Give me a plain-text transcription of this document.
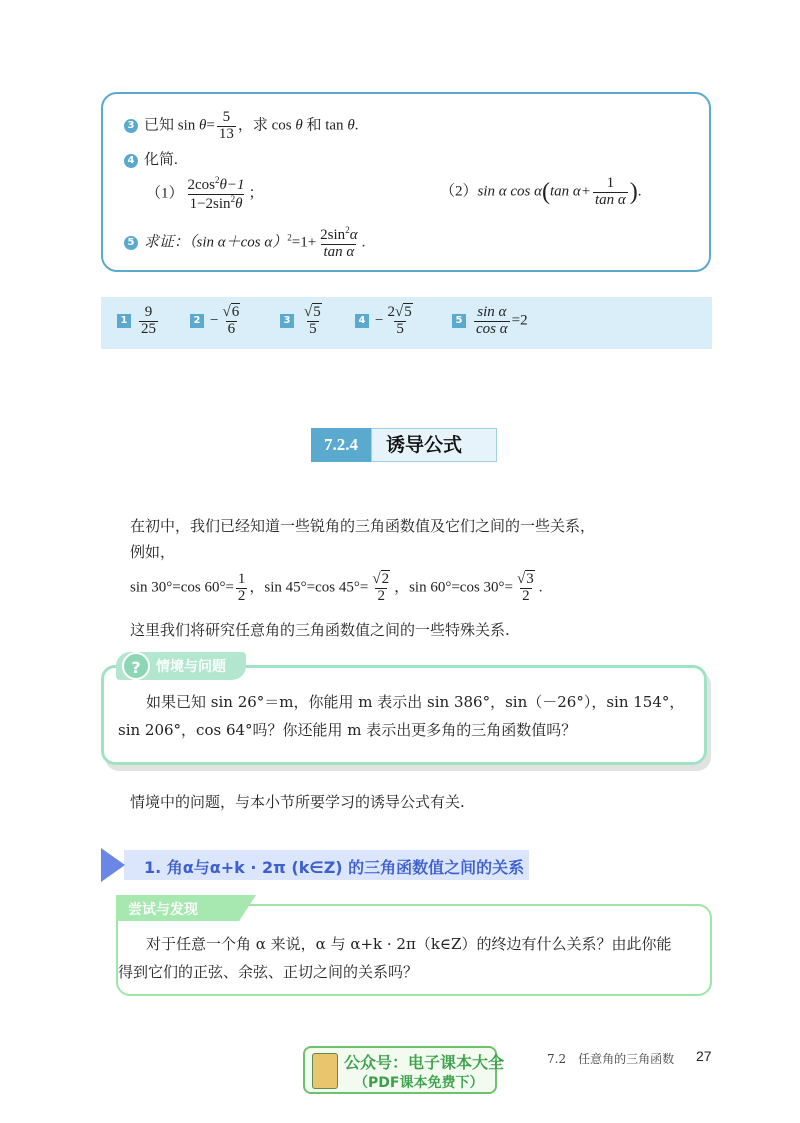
3 已知 $\sin \theta= \frac{5}{13}$ ，求 cos θ 和 tan θ.
4 化简.
$(1) \frac{2\cos^2\theta-1}{1-2\sin^2\theta}$ ；	（2）sin α cos α(tan $\alpha+ \frac{1}{\text{tan α}}$ ).
5 求证：（sin α＋cos $\alpha)^2=1+ \frac{2\sin^2\alpha}{\text{tan α}}$ .
$1 \frac{9}{25}$	$2 - \frac{√6}{6}$	$3 \frac{√5}{5}$	$4 - \frac{2√5}{5}$	$5 \frac{\text{sin α}}{\text{cos α}} =2$
7.2.4	诱导公式
在初中，我们已经知道一些锐角的三角函数值及它们之间的一些关系，
例如，
sin 30°=cos $60^\circ= \frac{1}{2}$ ，sin 45°=cos $45^\circ= \frac{√2}{2}$ ，sin 60°=cos $30^\circ= \frac{√3}{2}$ .
这里我们将研究任意角的三角函数值之间的一些特殊关系.
?	情境与问题
如果已知 sin 26°＝m，你能用 m 表示出 sin 386°，sin（－26°），sin 154°，
sin 206°，cos 64°吗？你还能用 m 表示出更多角的三角函数值吗？
情境中的问题，与本小节所要学习的诱导公式有关.
1. 角α与α+k · 2π (k∈Z) 的三角函数值之间的关系
尝试与发现
对于任意一个角 α 来说，α 与 α+k · 2π（k∈Z）的终边有什么关系？由此你能
得到它们的正弦、余弦、正切之间的关系吗？
公众号：电子课本大全
（PDF课本免费下）
7.2　任意角的三角函数 27
